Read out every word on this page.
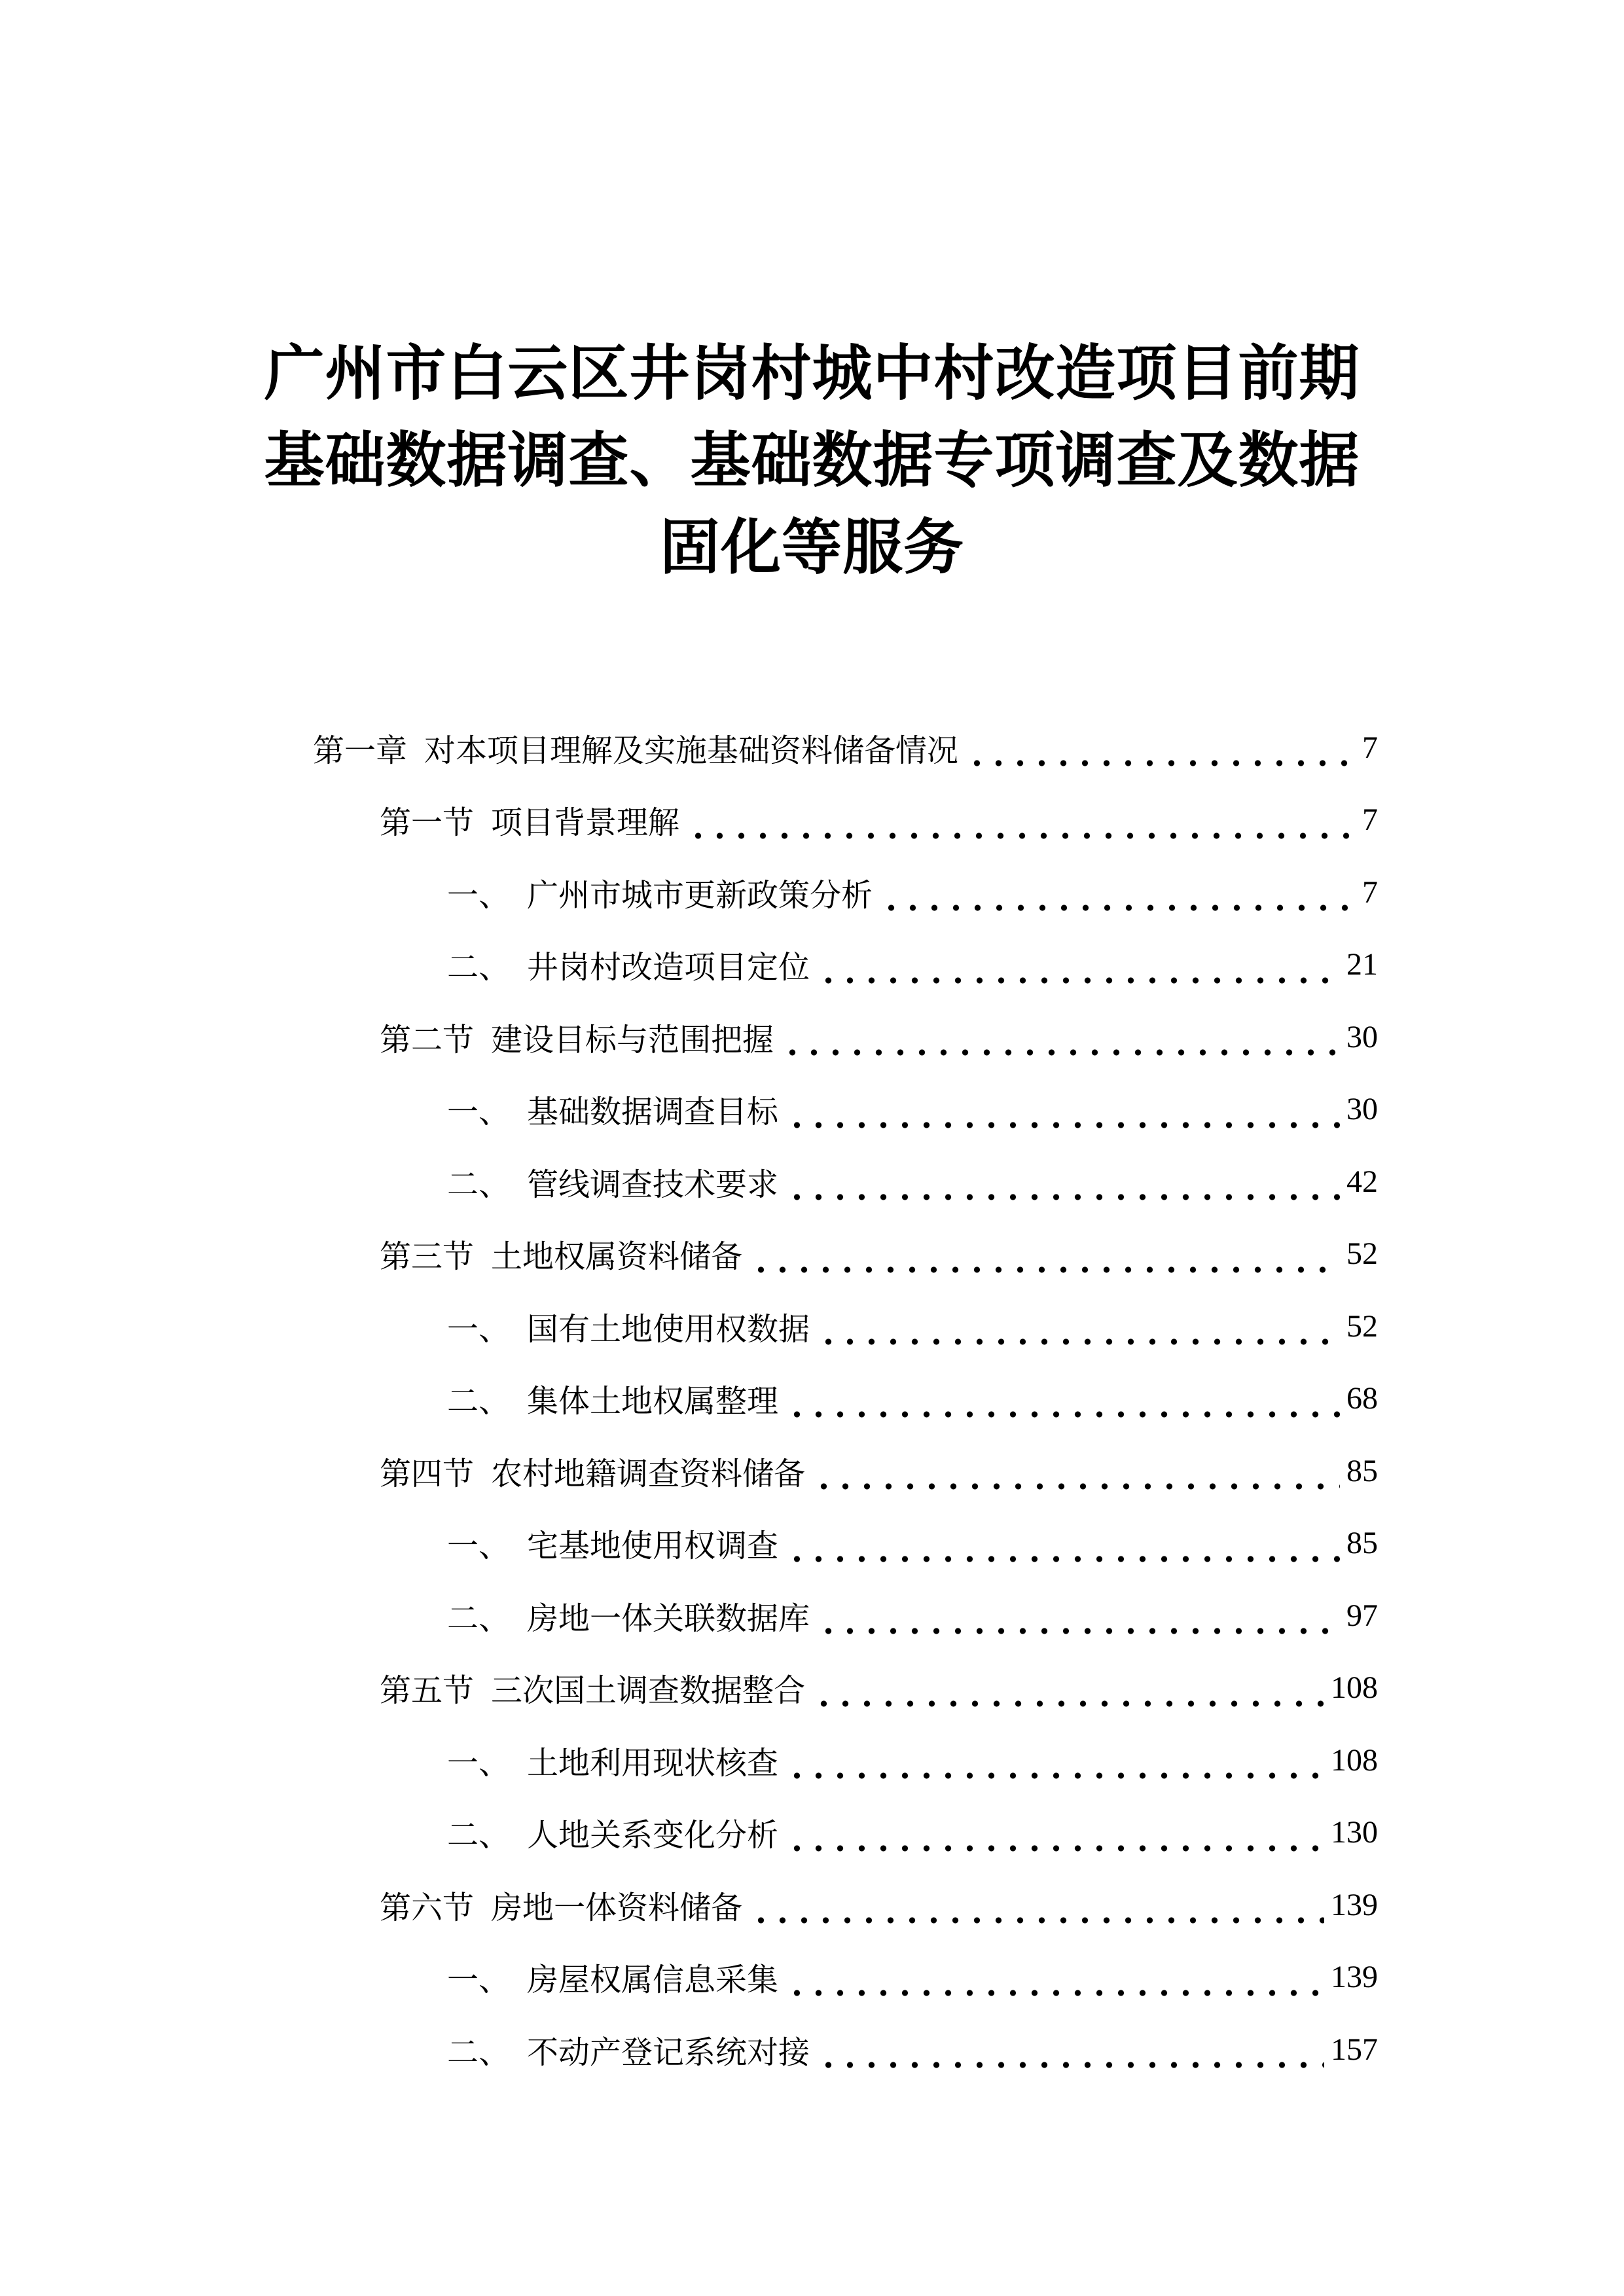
广州市白云区井岗村城中村改造项目前期
基础数据调查、基础数据专项调查及数据
固化等服务
第一章 对本项目理解及实施基础资料储备情况	7
第一节 项目背景理解	7
一、 广州市城市更新政策分析	7
二、 井岗村改造项目定位	21
第二节 建设目标与范围把握	30
一、 基础数据调查目标	30
二、 管线调查技术要求	42
第三节 土地权属资料储备	52
一、 国有土地使用权数据	52
二、 集体土地权属整理	68
第四节 农村地籍调查资料储备	85
一、 宅基地使用权调查	85
二、 房地一体关联数据库	97
第五节 三次国土调查数据整合	108
一、 土地利用现状核查	108
二、 人地关系变化分析	130
第六节 房地一体资料储备	139
一、 房屋权属信息采集	139
二、 不动产登记系统对接	157
